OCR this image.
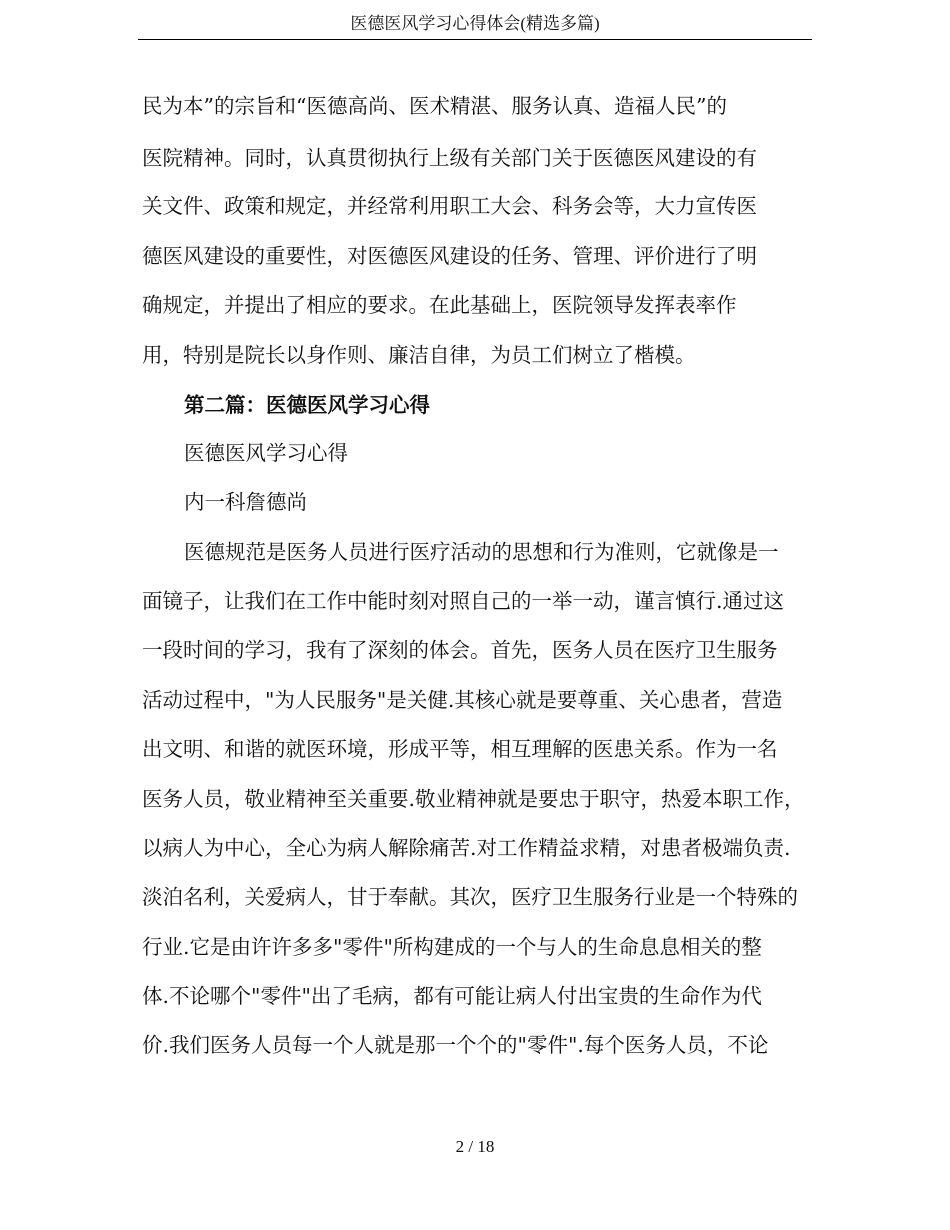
医德医风学习心得体会(精选多篇)
民为本”的宗旨和“医德高尚、医术精湛、服务认真、造福人民”的
医院精神。同时，认真贯彻执行上级有关部门关于医德医风建设的有
关文件、政策和规定，并经常利用职工大会、科务会等，大力宣传医
德医风建设的重要性，对医德医风建设的任务、管理、评价进行了明
确规定，并提出了相应的要求。在此基础上，医院领导发挥表率作
用，特别是院长以身作则、廉洁自律，为员工们树立了楷模。
第二篇：医德医风学习心得
医德医风学习心得
内一科詹德尚
医德规范是医务人员进行医疗活动的思想和行为准则，它就像是一
面镜子，让我们在工作中能时刻对照自己的一举一动，谨言慎行.通过这
一段时间的学习，我有了深刻的体会。首先，医务人员在医疗卫生服务
活动过程中，"为人民服务"是关健.其核心就是要尊重、关心患者，营造
出文明、和谐的就医环境，形成平等，相互理解的医患关系。作为一名
医务人员，敬业精神至关重要.敬业精神就是要忠于职守，热爱本职工作，
以病人为中心，全心为病人解除痛苦.对工作精益求精，对患者极端负责.
淡泊名利，关爱病人，甘于奉献。其次，医疗卫生服务行业是一个特殊的
行业.它是由许许多多"零件"所构建成的一个与人的生命息息相关的整
体.不论哪个"零件"出了毛病，都有可能让病人付出宝贵的生命作为代
价.我们医务人员每一个人就是那一个个的"零件".每个医务人员，不论
2 / 18
